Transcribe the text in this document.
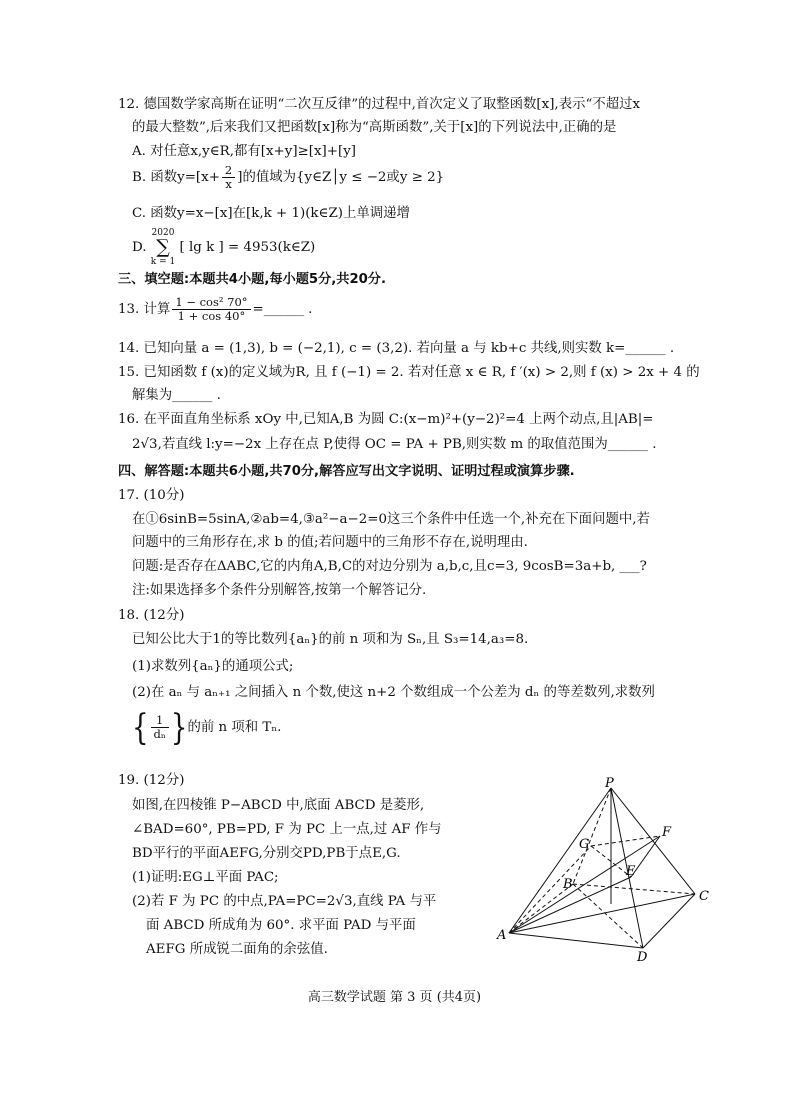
12. 德国数学家高斯在证明“二次互反律”的过程中,首次定义了取整函数[x],表示“不超过x
的最大整数”,后来我们又把函数[x]称为“高斯函数”,关于[x]的下列说法中,正确的是
A. 对任意x,y∈R,都有[x+y]≥[x]+[y]
B. 函数$y=[x+ \frac{2}{x}$ ]的值域为{y∈Z│y ≤ −2或y ≥ 2}
C. 函数y=x−[x]在[k,k + 1)(k∈Z)上单调递增
D. 2020
∑
k = 1 [ lg k ] = 4953(k∈Z)
三、填空题:本题共4小题,每小题5分,共20分.
13. 计算 $\frac{\text{1 − cos² 70°}}{1 + \cos 40^\circ}$ =______ .
14. 已知向量 a = (1,3), b = (−2,1), c = (3,2). 若向量 a 与 kb+c 共线,则实数 k=______ .
15. 已知函数 f (x)的定义域为R, 且 f (−1) = 2. 若对任意 x ∈ R, f ′(x) > 2,则 f (x) > 2x + 4 的
解集为______ .
16. 在平面直角坐标系 xOy 中,已知A,B 为圆 C:(x−m)²+(y−2)²=4 上两个动点,且|AB|=
2√3,若直线 l:y=−2x 上存在点 P,使得 OC = PA + PB,则实数 m 的取值范围为______ .
四、解答题:本题共6小题,共70分,解答应写出文字说明、证明过程或演算步骤.
17. (10分)
在①6sinB=5sinA,②ab=4,③a²−a−2=0这三个条件中任选一个,补充在下面问题中,若
问题中的三角形存在,求 b 的值;若问题中的三角形不存在,说明理由.
问题:是否存在ΔABC,它的内角A,B,C的对边分别为 a,b,c,且c=3, 9cosB=3a+b, ___?
注:如果选择多个条件分别解答,按第一个解答记分.
18. (12分)
已知公比大于1的等比数列{aₙ}的前 n 项和为 Sₙ,且 S₃=14,a₃=8.
(1)求数列{aₙ}的通项公式;
(2)在 aₙ 与 aₙ₊₁ 之间插入 n 个数,使这 n+2 个数组成一个公差为 dₙ 的等差数列,求数列
{ $\frac{1}{\text{dₙ}}$ }的前 n 项和 Tₙ.
19. (12分)
如图,在四棱锥 P−ABCD 中,底面 ABCD 是菱形,
∠BAD=60°, PB=PD, F 为 PC 上一点,过 AF 作与
BD平行的平面AEFG,分别交PD,PB于点E,G.
(1)证明:EG⊥平面 PAC;
(2)若 F 为 PC 的中点,PA=PC=2√3,直线 PA 与平
面 ABCD 所成角为 60°. 求平面 PAD 与平面
AEFG 所成锐二面角的余弦值.
P
A
B
C
D
E
F
G
高三数学试题 第 3 页 (共4页)
